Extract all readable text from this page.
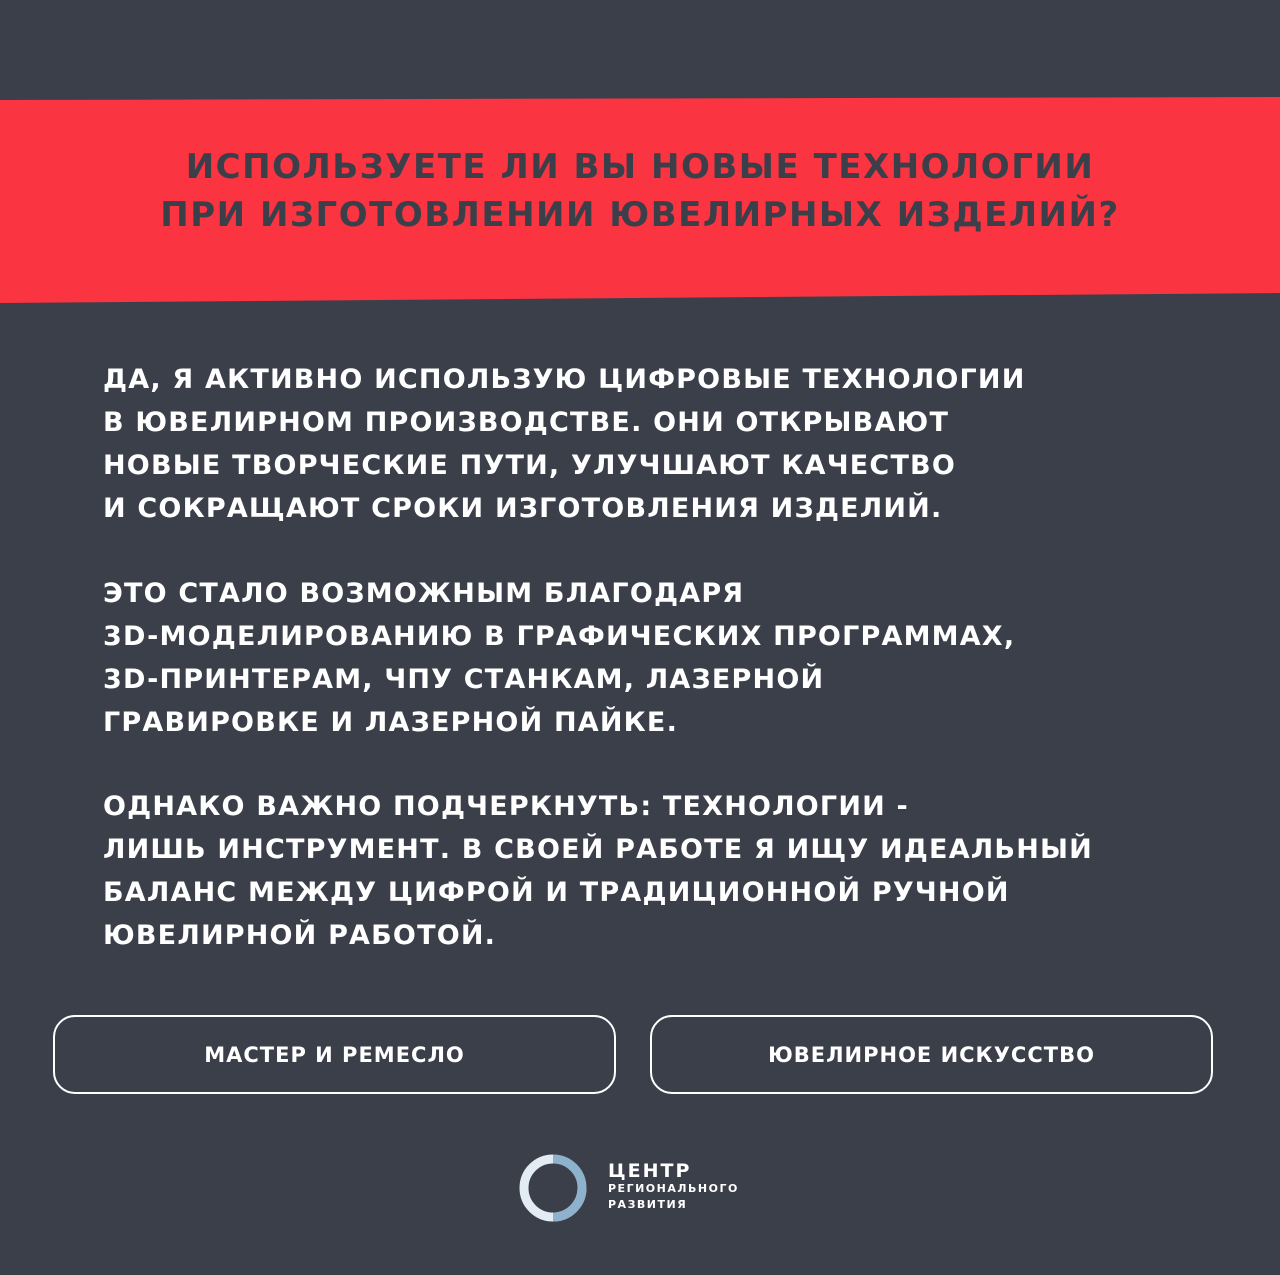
ИСПОЛЬЗУЕТЕ ЛИ ВЫ НОВЫЕ ТЕХНОЛОГИИ
ПРИ ИЗГОТОВЛЕНИИ ЮВЕЛИРНЫХ ИЗДЕЛИЙ?

ДА, Я АКТИВНО ИСПОЛЬЗУЮ ЦИФРОВЫЕ ТЕХНОЛОГИИ
В ЮВЕЛИРНОМ ПРОИЗВОДСТВЕ. ОНИ ОТКРЫВАЮТ
НОВЫЕ ТВОРЧЕСКИЕ ПУТИ, УЛУЧШАЮТ КАЧЕСТВО
И СОКРАЩАЮТ СРОКИ ИЗГОТОВЛЕНИЯ ИЗДЕЛИЙ.

ЭТО СТАЛО ВОЗМОЖНЫМ БЛАГОДАРЯ
3D-МОДЕЛИРОВАНИЮ В ГРАФИЧЕСКИХ ПРОГРАММАХ,
3D-ПРИНТЕРАМ, ЧПУ СТАНКАМ, ЛАЗЕРНОЙ
ГРАВИРОВКЕ И ЛАЗЕРНОЙ ПАЙКЕ.

ОДНАКО ВАЖНО ПОДЧЕРКНУТЬ: ТЕХНОЛОГИИ -
ЛИШЬ ИНСТРУМЕНТ. В СВОЕЙ РАБОТЕ Я ИЩУ ИДЕАЛЬНЫЙ
БАЛАНС МЕЖДУ ЦИФРОЙ И ТРАДИЦИОННОЙ РУЧНОЙ
ЮВЕЛИРНОЙ РАБОТОЙ.

МАСТЕР И РЕМЕСЛО	ЮВЕЛИРНОЕ ИСКУССТВО
ЦЕНТР
РЕГИОНАЛЬНОГО
РАЗВИТИЯ
